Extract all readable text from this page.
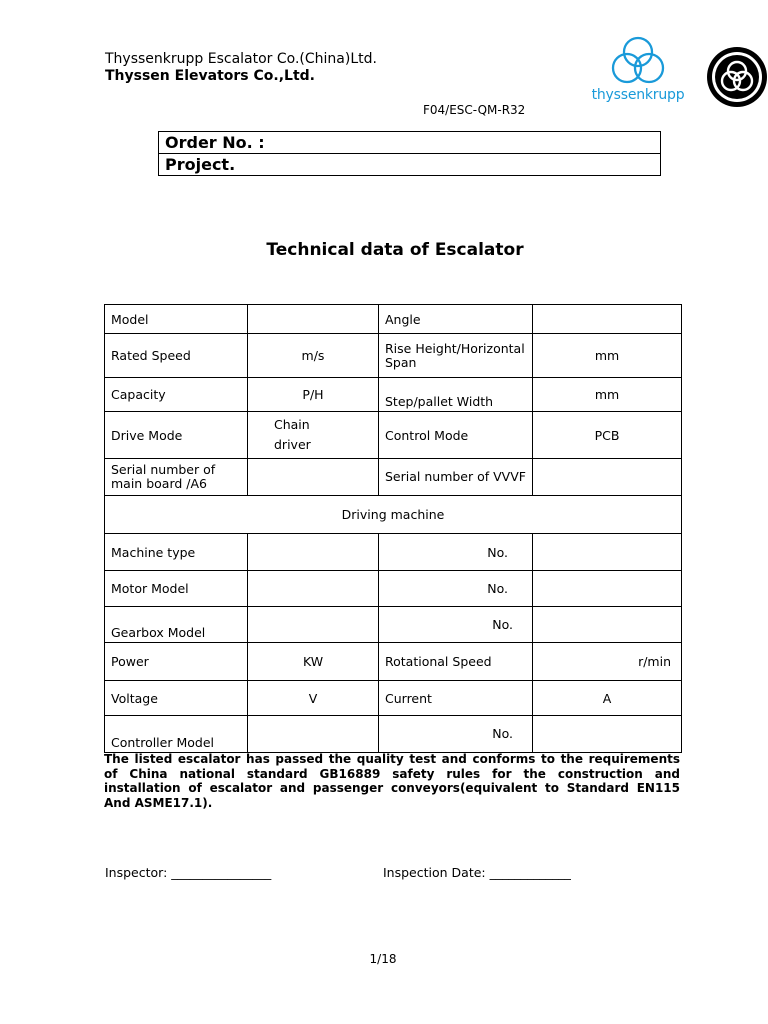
Thyssenkrupp Escalator Co.(China)Ltd.
Thyssen Elevators Co.,Ltd.
F04/ESC-QM-R32
thyssenkrupp
Order No. :
Project.
Technical data of Escalator
Model		Angle	
Rated Speed	m/s	Rise Height/Horizontal Span	mm
Capacity	P/H	Step/pallet Width	mm
Drive Mode	Chain driver	Control Mode	PCB
Serial number of main board /A6		Serial number of VVVF	
Driving machine			
Machine type		No.	
Motor Model		No.	
Gearbox Model		No.	
Power	KW	Rotational Speed	r/min
Voltage	V	Current	A
Controller Model		No.	
The listed escalator has passed the quality test and conforms to the requirements of China national standard GB16889 safety rules for the construction and installation of escalator and passenger conveyors(equivalent to Standard EN115 And ASME17.1).
Inspector: ________________	Inspection Date: _____________
1/18
